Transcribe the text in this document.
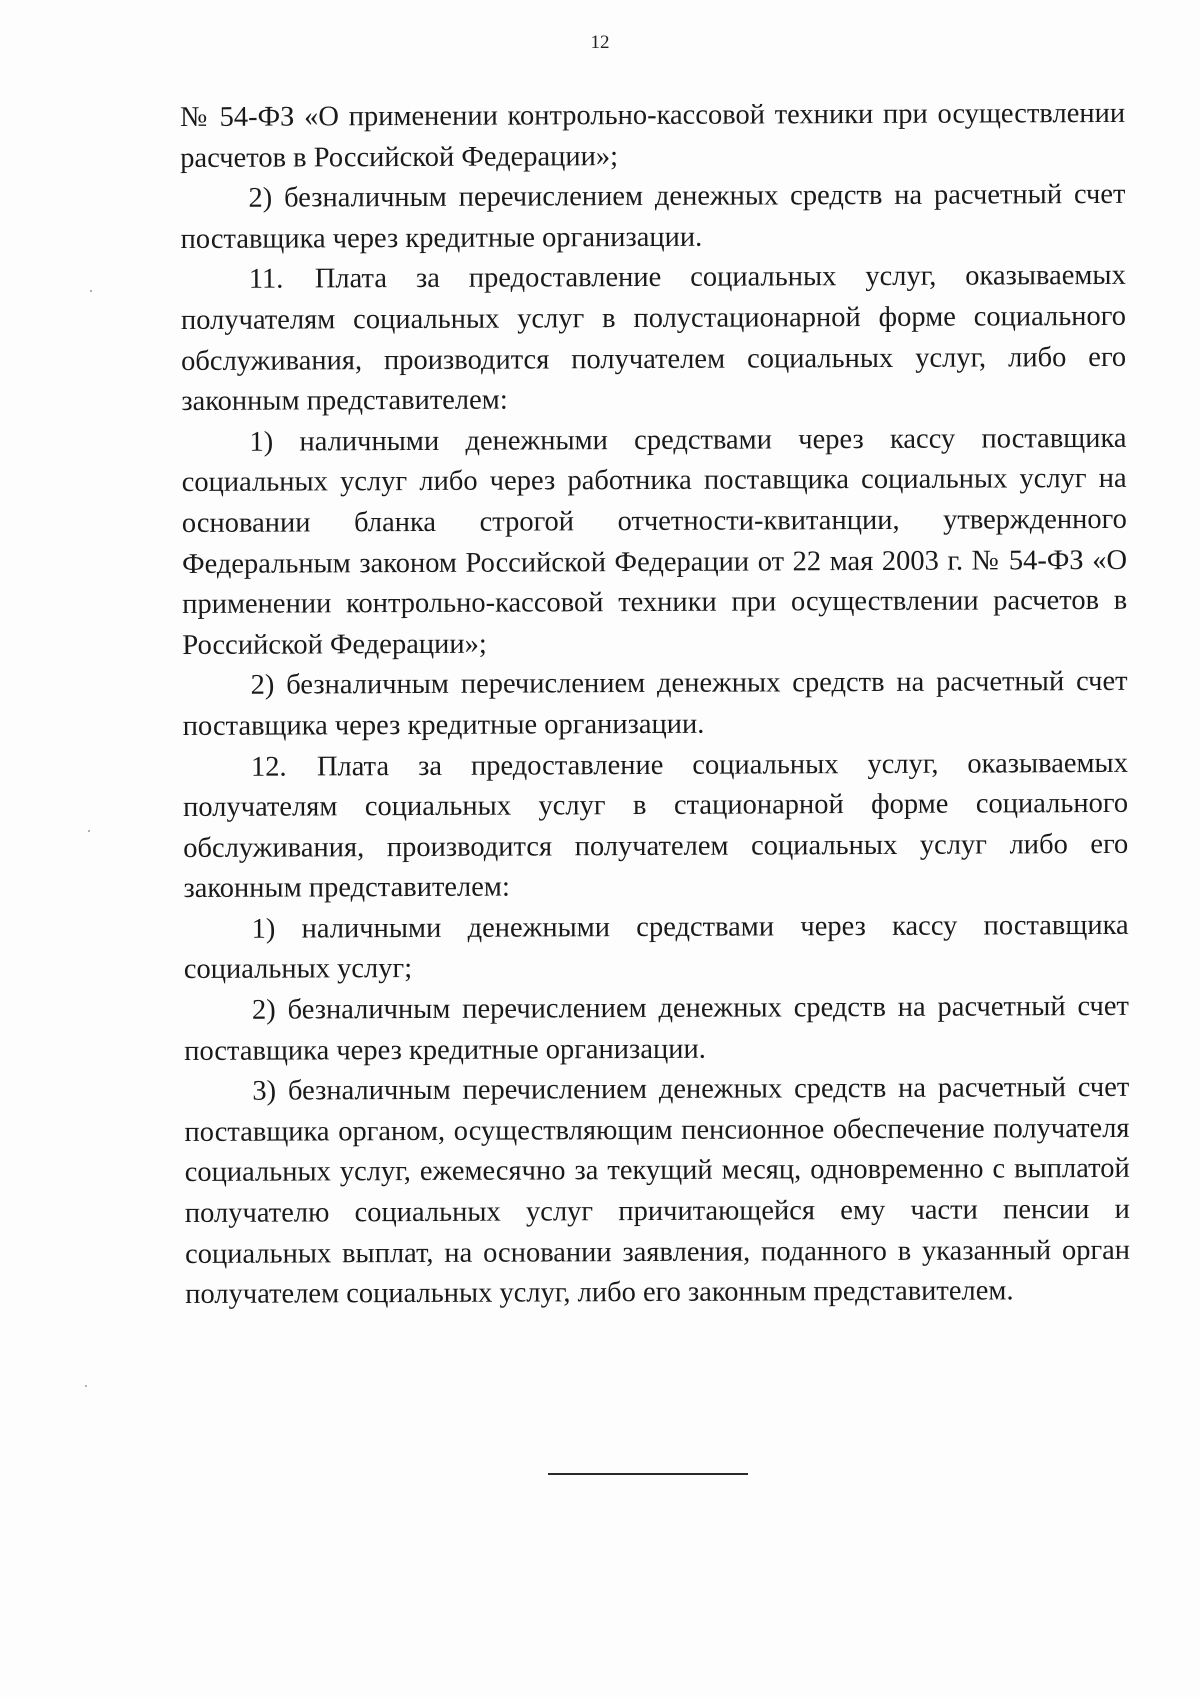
12

№ 54-ФЗ «О применении контрольно-кассовой техники при осуществлении расчетов в Российской Федерации»;

2) безналичным перечислением денежных средств на расчетный счет поставщика через кредитные организации.

11. Плата за предоставление социальных услуг, оказываемых получателям социальных услуг в полустационарной форме социального обслуживания, производится получателем социальных услуг, либо его законным представителем:

1) наличными денежными средствами через кассу поставщика социальных услуг либо через работника поставщика социальных услуг на основании бланка строгой отчетности-квитанции, утвержденного Федеральным законом Российской Федерации от 22 мая 2003 г. № 54-ФЗ «О применении контрольно-кассовой техники при осуществлении расчетов в Российской Федерации»;

2) безналичным перечислением денежных средств на расчетный счет поставщика через кредитные организации.

12. Плата за предоставление социальных услуг, оказываемых получателям социальных услуг в стационарной форме социального обслуживания, производится получателем социальных услуг либо его законным представителем:

1) наличными денежными средствами через кассу поставщика социальных услуг;

2) безналичным перечислением денежных средств на расчетный счет поставщика через кредитные организации.

3) безналичным перечислением денежных средств на расчетный счет поставщика органом, осуществляющим пенсионное обеспечение получателя социальных услуг, ежемесячно за текущий месяц, одновременно с выплатой получателю социальных услуг причитающейся ему части пенсии и социальных выплат, на основании заявления, поданного в указанный орган получателем социальных услуг, либо его законным представителем.
